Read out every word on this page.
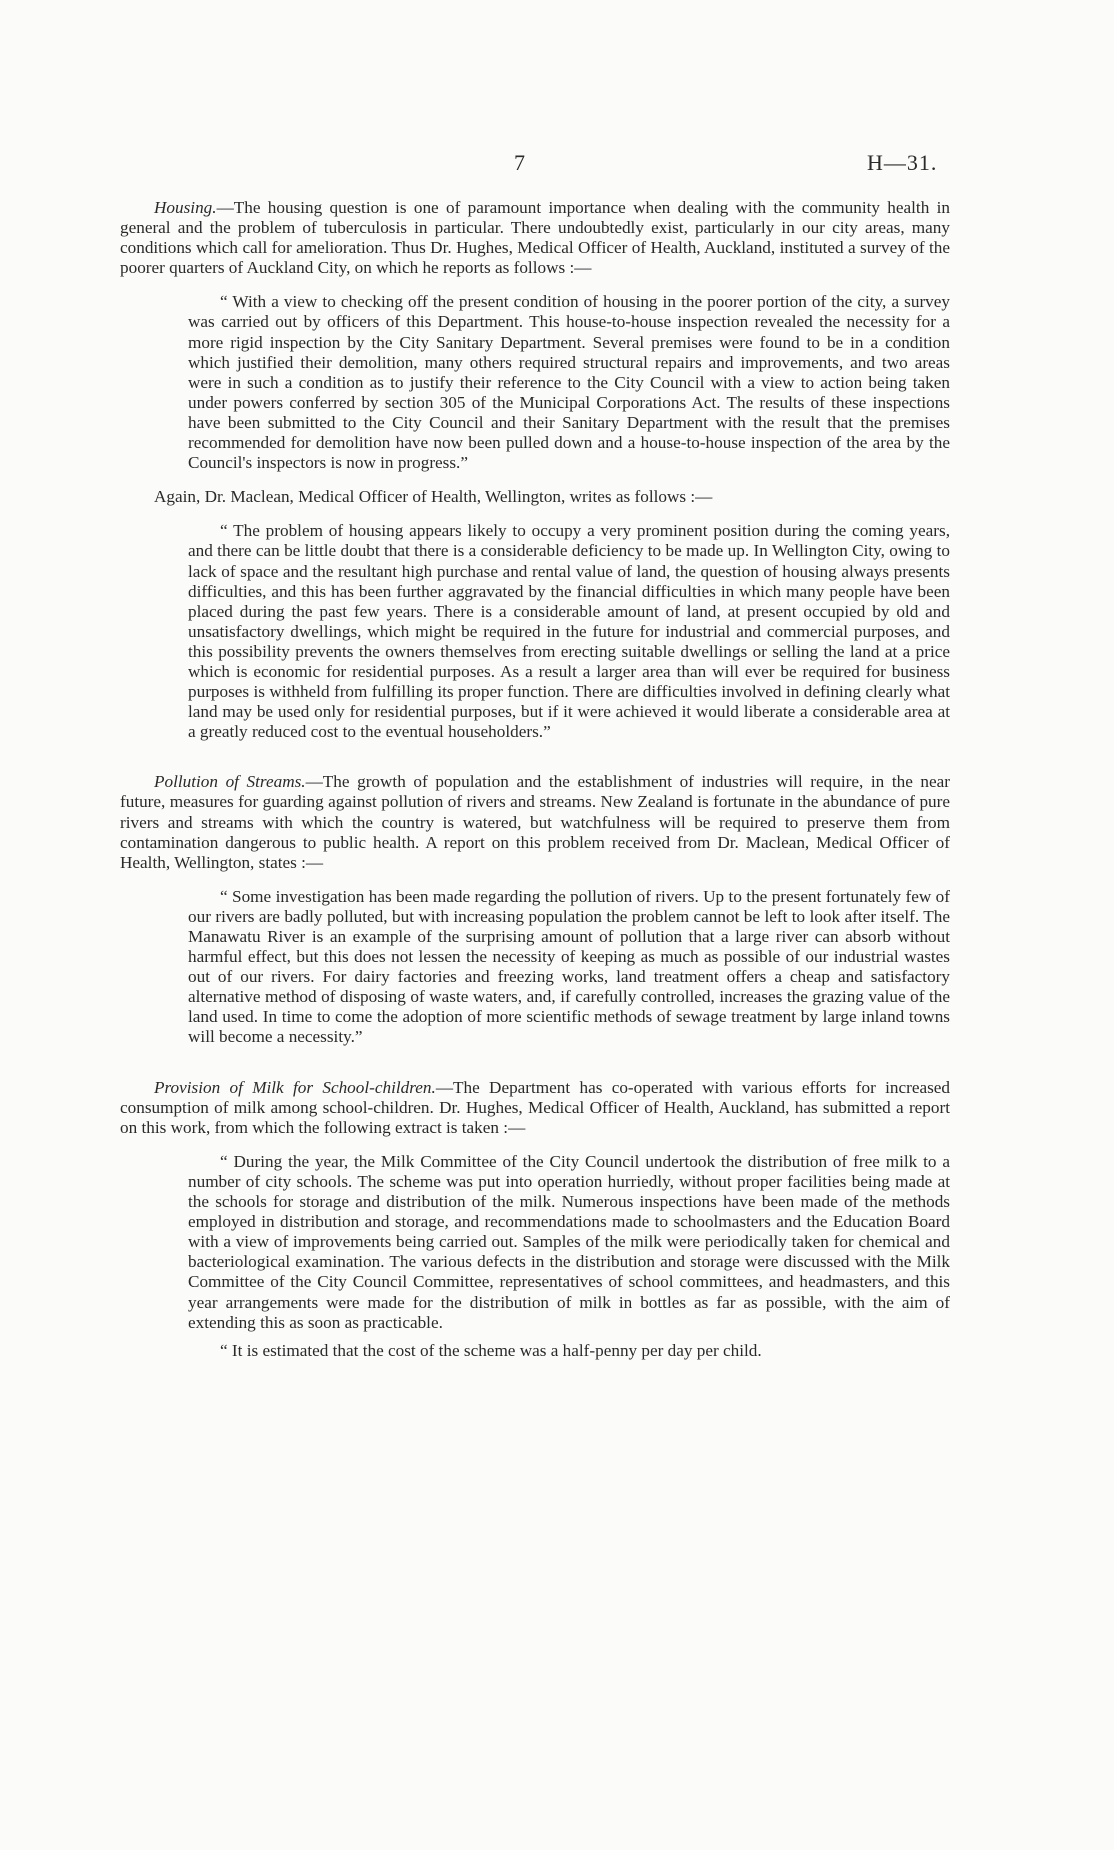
7	H—31.

Housing.—The housing question is one of paramount importance when dealing with the community health in general and the problem of tuberculosis in particular. There undoubtedly exist, particularly in our city areas, many conditions which call for amelioration. Thus Dr. Hughes, Medical Officer of Health, Auckland, instituted a survey of the poorer quarters of Auckland City, on which he reports as follows :—

“ With a view to checking off the present condition of housing in the poorer portion of the city, a survey was carried out by officers of this Department. This house-to-house inspection revealed the necessity for a more rigid inspection by the City Sanitary Department. Several premises were found to be in a condition which justified their demolition, many others required structural repairs and improvements, and two areas were in such a condition as to justify their reference to the City Council with a view to action being taken under powers conferred by section 305 of the Municipal Corporations Act. The results of these inspections have been submitted to the City Council and their Sanitary Department with the result that the premises recommended for demolition have now been pulled down and a house-to-house inspection of the area by the Council's inspectors is now in progress.”

Again, Dr. Maclean, Medical Officer of Health, Wellington, writes as follows :—

“ The problem of housing appears likely to occupy a very prominent position during the coming years, and there can be little doubt that there is a considerable deficiency to be made up. In Wellington City, owing to lack of space and the resultant high purchase and rental value of land, the question of housing always presents difficulties, and this has been further aggravated by the financial difficulties in which many people have been placed during the past few years. There is a considerable amount of land, at present occupied by old and unsatisfactory dwellings, which might be required in the future for industrial and commercial purposes, and this possibility prevents the owners themselves from erecting suitable dwellings or selling the land at a price which is economic for residential purposes. As a result a larger area than will ever be required for business purposes is withheld from fulfilling its proper function. There are difficulties involved in defining clearly what land may be used only for residential purposes, but if it were achieved it would liberate a considerable area at a greatly reduced cost to the eventual householders.”

Pollution of Streams.—The growth of population and the establishment of industries will require, in the near future, measures for guarding against pollution of rivers and streams. New Zealand is fortunate in the abundance of pure rivers and streams with which the country is watered, but watchfulness will be required to preserve them from contamination dangerous to public health. A report on this problem received from Dr. Maclean, Medical Officer of Health, Wellington, states :—

“ Some investigation has been made regarding the pollution of rivers. Up to the present fortunately few of our rivers are badly polluted, but with increasing population the problem cannot be left to look after itself. The Manawatu River is an example of the surprising amount of pollution that a large river can absorb without harmful effect, but this does not lessen the necessity of keeping as much as possible of our industrial wastes out of our rivers. For dairy factories and freezing works, land treatment offers a cheap and satisfactory alternative method of disposing of waste waters, and, if carefully controlled, increases the grazing value of the land used. In time to come the adoption of more scientific methods of sewage treatment by large inland towns will become a necessity.”

Provision of Milk for School-children.—The Department has co-operated with various efforts for increased consumption of milk among school-children. Dr. Hughes, Medical Officer of Health, Auckland, has submitted a report on this work, from which the following extract is taken :—

“ During the year, the Milk Committee of the City Council undertook the distribution of free milk to a number of city schools. The scheme was put into operation hurriedly, without proper facilities being made at the schools for storage and distribution of the milk. Numerous inspections have been made of the methods employed in distribution and storage, and recommendations made to schoolmasters and the Education Board with a view of improvements being carried out. Samples of the milk were periodically taken for chemical and bacteriological examination. The various defects in the distribution and storage were discussed with the Milk Committee of the City Council Committee, representatives of school committees, and headmasters, and this year arrangements were made for the distribution of milk in bottles as far as possible, with the aim of extending this as soon as practicable.

“ It is estimated that the cost of the scheme was a half-penny per day per child.
